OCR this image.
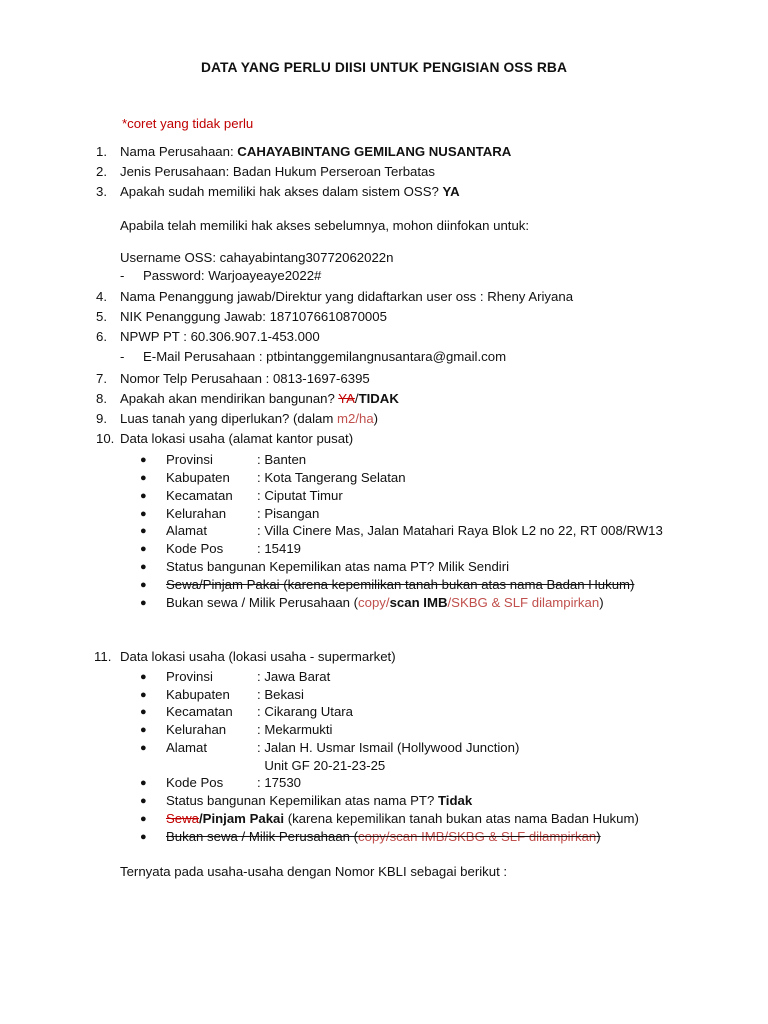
DATA YANG PERLU DIISI UNTUK PENGISIAN OSS RBA
*coret yang tidak perlu
1. Nama Perusahaan: CAHAYABINTANG GEMILANG NUSANTARA
2. Jenis Perusahaan: Badan Hukum Perseroan Terbatas
3. Apakah sudah memiliki hak akses dalam sistem OSS? YA
Apabila telah memiliki hak akses sebelumnya, mohon diinfokan untuk:
Username OSS: cahayabintang30772062022n
- Password: Warjoayeaye2022#
4. Nama Penanggung jawab/Direktur yang didaftarkan user oss : Rheny Ariyana
5. NIK Penanggung Jawab: 1871076610870005
6. NPWP PT : 60.306.907.1-453.000
- E-Mail Perusahaan : ptbintanggemilangnusantara@gmail.com
7. Nomor Telp Perusahaan : 0813-1697-6395
8. Apakah akan mendirikan bangunan? YA/TIDAK
9. Luas tanah yang diperlukan? (dalam m2/ha)
10. Data lokasi usaha (alamat kantor pusat)
● Provinsi	: Banten
● Kabupaten : Kota Tangerang Selatan
● Kecamatan : Ciputat Timur
● Kelurahan : Pisangan
● Alamat	: Villa Cinere Mas, Jalan Matahari Raya Blok L2 no 22, RT 008/RW13
● Kode Pos	: 15419
● Status bangunan Kepemilikan atas nama PT? Milik Sendiri
● Sewa/Pinjam Pakai (karena kepemilikan tanah bukan atas nama Badan Hukum)
● Bukan sewa / Milik Perusahaan (copy/scan IMB/SKBG & SLF dilampirkan)
11. Data lokasi usaha (lokasi usaha - supermarket)
● Provinsi	: Jawa Barat
● Kabupaten : Bekasi
● Kecamatan : Cikarang Utara
● Kelurahan : Mekarmukti
● Alamat	: Jalan H. Usmar Ismail (Hollywood Junction)
Unit GF 20-21-23-25
● Kode Pos	: 17530
● Status bangunan Kepemilikan atas nama PT? Tidak
● Sewa/Pinjam Pakai (karena kepemilikan tanah bukan atas nama Badan Hukum)
● Bukan sewa / Milik Perusahaan (copy/scan IMB/SKBG & SLF dilampirkan)
Ternyata pada usaha-usaha dengan Nomor KBLI sebagai berikut :
